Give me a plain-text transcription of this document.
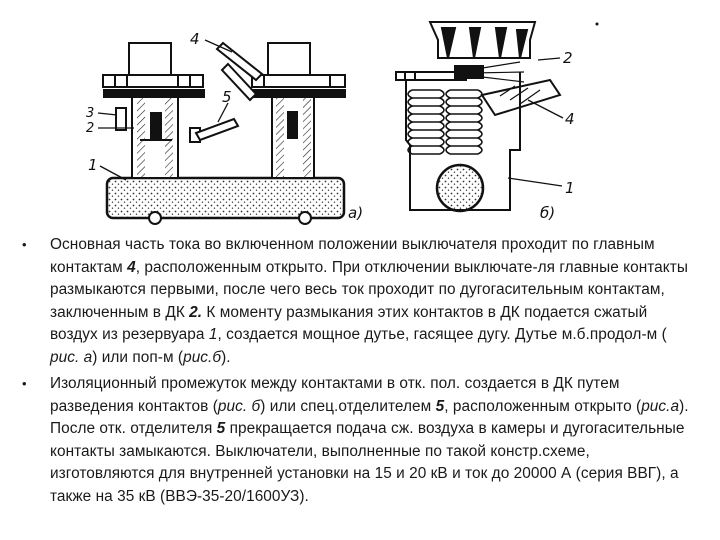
4
5
3
2
1
а)
2
4
1
б)
•	Основная часть тока во включенном положении выключателя проходит по главным контактам 4, расположенным открыто. При отключении выключате-ля главные контакты размыкаются первыми, после чего весь ток проходит по дугогасительным контактам, заключенным в ДК 2. К моменту размыкания этих контактов в ДК подается сжатый воздух из резервуара 1, создается мощное дутье, гасящее дугу. Дутье м.б.продол-м ( рис. а) или поп-м (рис.б).
•	Изоляционный промежуток между контактами в отк. пол. создается в ДК путем разведения контактов (рис. б) или спец.отделителем 5, расположенным открыто (рис.а). После отк. отделителя 5 прекращается подача сж. воздуха в камеры и дугогасительные контакты замыкаются. Выключатели, выполненные по такой констр.схеме, изготовляются для внутренней установки на 15 и 20 кВ и ток до 20000 А (серия ВВГ), а также на 35 кВ (ВВЭ-35-20/1600УЗ).
